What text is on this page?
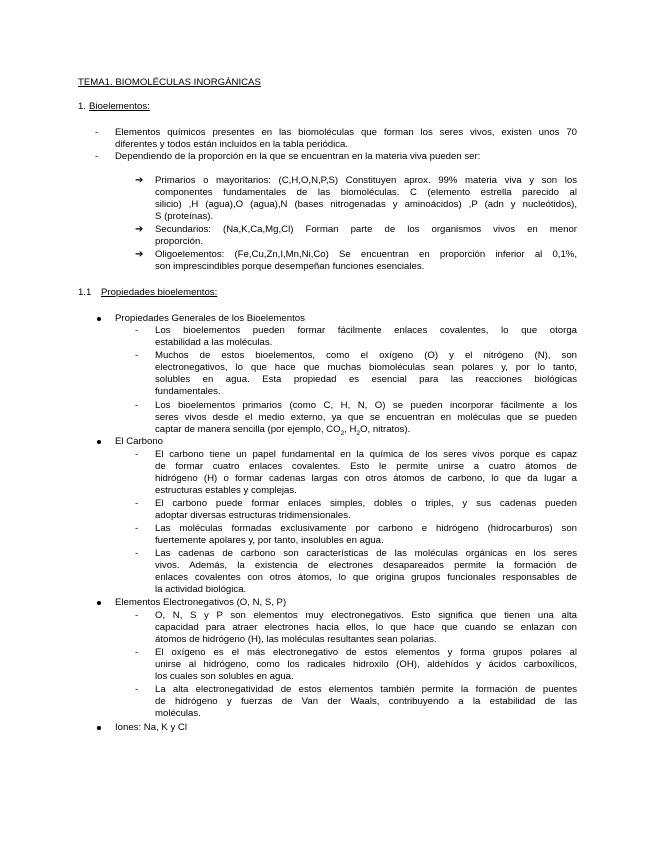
TEMA1. BIOMOLÉCULAS INORGÁNICAS
1. Bioelementos:
- Elementos químicos presentes en las biomoléculas que forman los seres vivos, existen unos 70
diferentes y todos están incluidos en la tabla periódica.
- Dependiendo de la proporción en la que se encuentran en la materia viva pueden ser:
➔ Primarios o mayoritarios: (C,H,O,N,P,S) Constituyen aprox. 99% materia viva y son los
componentes fundamentales de las biomoléculas. C (elemento estrella parecido al
silicio) ,H (agua),O (agua),N (bases nitrogenadas y aminoácidos) ,P (adn y nucleótidos),
S (proteínas).
➔ Secundarios: (Na,K,Ca,Mg,Cl) Forman parte de los organismos vivos en menor
proporción.
➔ Oligoelementos: (Fe,Cu,Zn,I,Mn,Ni,Co) Se encuentran en proporción inferior al 0,1%,
son imprescindibles porque desempeñan funciones esenciales.
1.1 Propiedades bioelementos:
Propiedades Generales de los Bioelementos
- Los bioelementos pueden formar fácilmente enlaces covalentes, lo que otorga
estabilidad a las moléculas.
- Muchos de estos bioelementos, como el oxígeno (O) y el nitrógeno (N), son
electronegativos, lo que hace que muchas biomoléculas sean polares y, por lo tanto,
solubles en agua. Esta propiedad es esencial para las reacciones biológicas
fundamentales.
- Los bioelementos primarios (como C, H, N, O) se pueden incorporar fácilmente a los
seres vivos desde el medio externo, ya que se encuentran en moléculas que se pueden
captar de manera sencilla (por ejemplo, $CO_2$, $H_2O$, nitratos).
El Carbono
- El carbono tiene un papel fundamental en la química de los seres vivos porque es capaz
de formar cuatro enlaces covalentes. Esto le permite unirse a cuatro átomos de
hidrógeno (H) o formar cadenas largas con otros átomos de carbono, lo que da lugar a
estructuras estables y complejas.
- El carbono puede formar enlaces simples, dobles o triples, y sus cadenas pueden
adoptar diversas estructuras tridimensionales.
- Las moléculas formadas exclusivamente por carbono e hidrógeno (hidrocarburos) son
fuertemente apolares y, por tanto, insolubles en agua.
- Las cadenas de carbono son características de las moléculas orgánicas en los seres
vivos. Además, la existencia de electrones desapareados permite la formación de
enlaces covalentes con otros átomos, lo que origina grupos funcionales responsables de
la actividad biológica.
Elementos Electronegativos (O, N, S, P)
- O, N, S y P son elementos muy electronegativos. Esto significa que tienen una alta
capacidad para atraer electrones hacia ellos, lo que hace que cuando se enlazan con
átomos de hidrógeno (H), las moléculas resultantes sean polarias.
- El oxígeno es el más electronegativo de estos elementos y forma grupos polares al
unirse al hidrógeno, como los radicales hidroxilo (OH), aldehídos y ácidos carboxílicos,
los cuales son solubles en agua.
- La alta electronegatividad de estos elementos también permite la formación de puentes
de hidrógeno y fuerzas de Van der Waals, contribuyendo a la estabilidad de las
moléculas.
Iones: Na, K y Cl
